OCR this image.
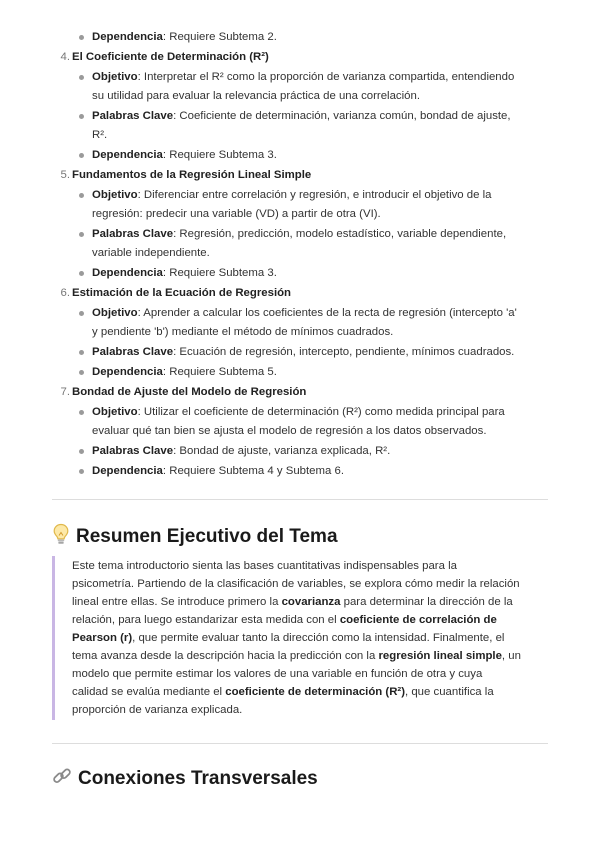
Dependencia: Requiere Subtema 2.
4. El Coeficiente de Determinación (R²)
Objetivo: Interpretar el R² como la proporción de varianza compartida, entendiendo
su utilidad para evaluar la relevancia práctica de una correlación.
Palabras Clave: Coeficiente de determinación, varianza común, bondad de ajuste,
R².
Dependencia: Requiere Subtema 3.
5. Fundamentos de la Regresión Lineal Simple
Objetivo: Diferenciar entre correlación y regresión, e introducir el objetivo de la
regresión: predecir una variable (VD) a partir de otra (VI).
Palabras Clave: Regresión, predicción, modelo estadístico, variable dependiente,
variable independiente.
Dependencia: Requiere Subtema 3.
6. Estimación de la Ecuación de Regresión
Objetivo: Aprender a calcular los coeficientes de la recta de regresión (intercepto 'a'
y pendiente 'b') mediante el método de mínimos cuadrados.
Palabras Clave: Ecuación de regresión, intercepto, pendiente, mínimos cuadrados.
Dependencia: Requiere Subtema 5.
7. Bondad de Ajuste del Modelo de Regresión
Objetivo: Utilizar el coeficiente de determinación (R²) como medida principal para
evaluar qué tan bien se ajusta el modelo de regresión a los datos observados.
Palabras Clave: Bondad de ajuste, varianza explicada, R².
Dependencia: Requiere Subtema 4 y Subtema 6.
Resumen Ejecutivo del Tema
Este tema introductorio sienta las bases cuantitativas indispensables para la
psicometría. Partiendo de la clasificación de variables, se explora cómo medir la relación
lineal entre ellas. Se introduce primero la covarianza para determinar la dirección de la
relación, para luego estandarizar esta medida con el coeficiente de correlación de
Pearson (r), que permite evaluar tanto la dirección como la intensidad. Finalmente, el
tema avanza desde la descripción hacia la predicción con la regresión lineal simple, un
modelo que permite estimar los valores de una variable en función de otra y cuya
calidad se evalúa mediante el coeficiente de determinación (R²), que cuantifica la
proporción de varianza explicada.
Conexiones Transversales
